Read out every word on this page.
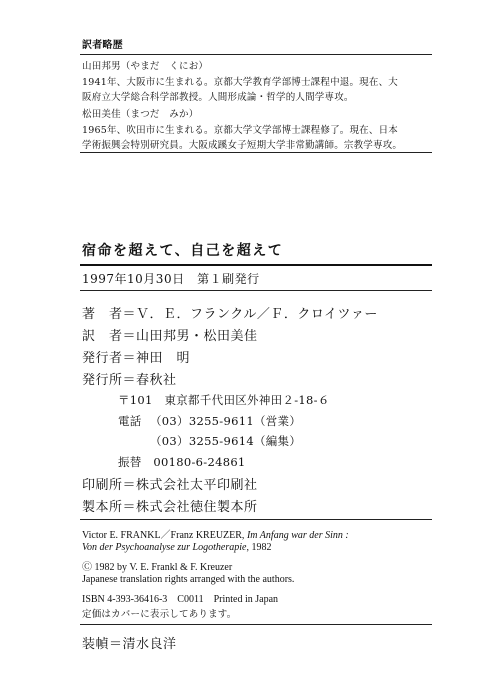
訳者略歴
山田邦男（やまだ　くにお）
1941年、大阪市に生まれる。京都大学教育学部博士課程中退。現在、大
阪府立大学総合科学部教授。人間形成論・哲学的人間学専攻。
松田美佳（まつだ　みか）
1965年、吹田市に生まれる。京都大学文学部博士課程修了。現在、日本
学術振興会特別研究員。大阪成蹊女子短期大学非常勤講師。宗教学専攻。
宿命を超えて、自己を超えて
1997年10月30日　第１刷発行
著　者＝Ｖ．Ｅ．フランクル／Ｆ．クロイツァー
訳　者＝山田邦男・松田美佳
発行者＝神田　明
発行所＝春秋社
〒101　東京都千代田区外神田２-18-６
電話 （03）3255-9611（営業）
（03）3255-9614（編集）
振替　00180-6-24861
印刷所＝株式会社太平印刷社
製本所＝株式会社徳住製本所
Victor E. FRANKL／Franz KREUZER, Im Anfang war der Sinn :
Von der Psychoanalyse zur Logotherapie, 1982
Ⓒ 1982 by V. E. Frankl & F. Kreuzer
Japanese translation rights arranged with the authors.
ISBN 4-393-36416-3　C0011　Printed in Japan
定価はカバーに表示してあります。
装幀＝清水良洋
